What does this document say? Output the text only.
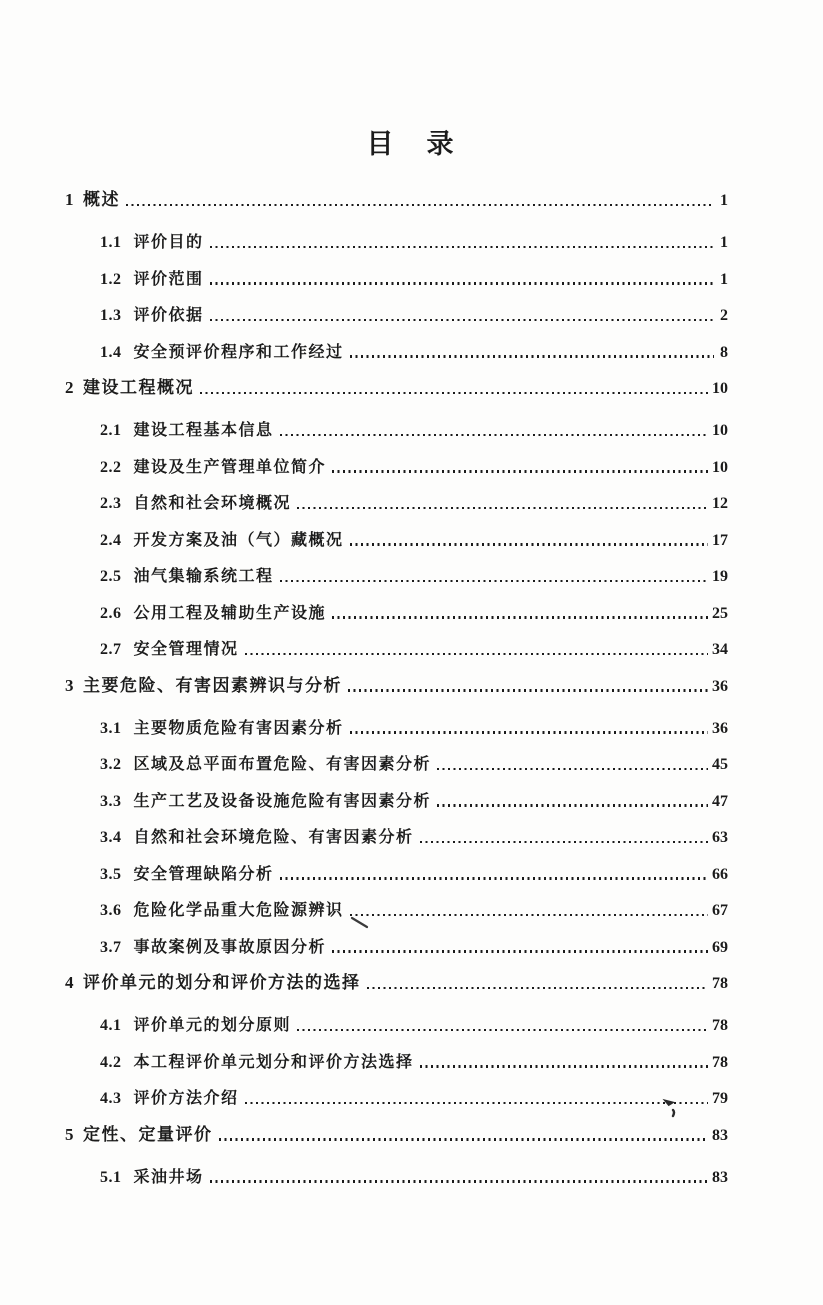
目　录
1 概述	1
1.1 评价目的	1
1.2 评价范围	1
1.3 评价依据	2
1.4 安全预评价程序和工作经过	8
2 建设工程概况	10
2.1 建设工程基本信息	10
2.2 建设及生产管理单位简介	10
2.3 自然和社会环境概况	12
2.4 开发方案及油（气）藏概况	17
2.5 油气集输系统工程	19
2.6 公用工程及辅助生产设施	25
2.7 安全管理情况	34
3 主要危险、有害因素辨识与分析	36
3.1 主要物质危险有害因素分析	36
3.2 区域及总平面布置危险、有害因素分析	45
3.3 生产工艺及设备设施危险有害因素分析	47
3.4 自然和社会环境危险、有害因素分析	63
3.5 安全管理缺陷分析	66
3.6 危险化学品重大危险源辨识	67
3.7 事故案例及事故原因分析	69
4 评价单元的划分和评价方法的选择	78
4.1 评价单元的划分原则	78
4.2 本工程评价单元划分和评价方法选择	78
4.3 评价方法介绍	79
5 定性、定量评价	83
5.1 采油井场	83
